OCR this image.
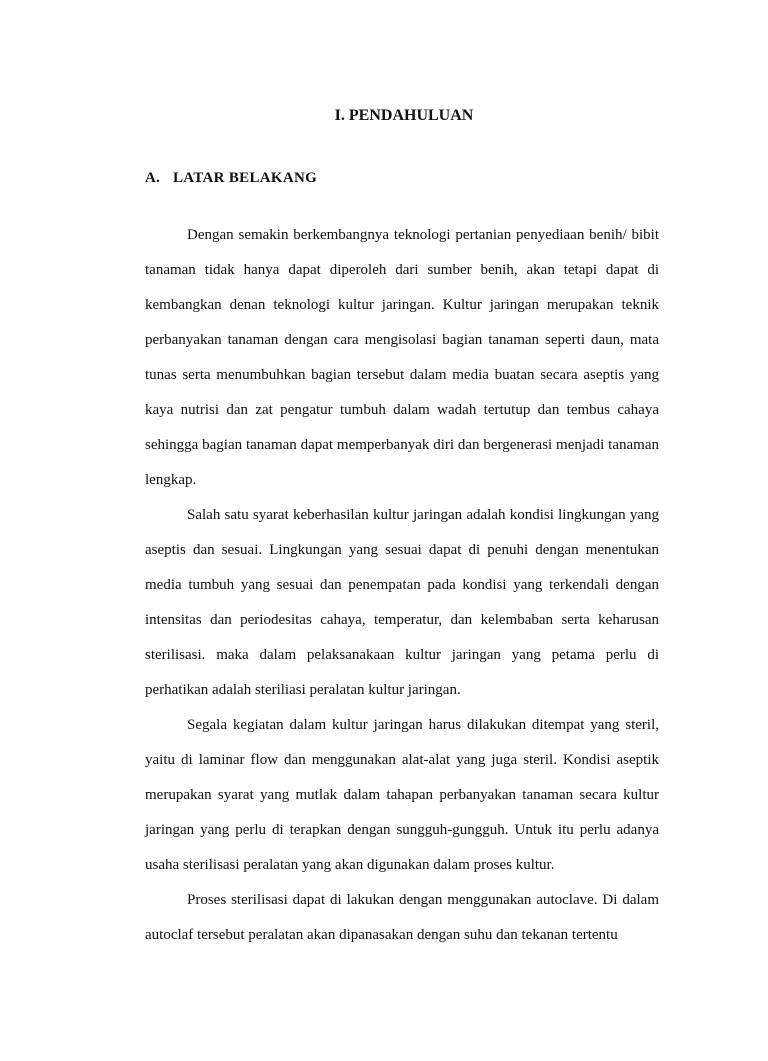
I. PENDAHULUAN
A. LATAR BELAKANG

Dengan semakin berkembangnya teknologi pertanian penyediaan benih/ bibit tanaman tidak hanya dapat diperoleh dari sumber benih, akan tetapi dapat di kembangkan denan teknologi kultur jaringan. Kultur jaringan merupakan teknik perbanyakan tanaman dengan cara mengisolasi bagian tanaman seperti daun, mata tunas serta menumbuhkan bagian tersebut dalam media buatan secara aseptis yang kaya nutrisi dan zat pengatur tumbuh dalam wadah tertutup dan tembus cahaya sehingga bagian tanaman dapat memperbanyak diri dan bergenerasi menjadi tanaman lengkap.

Salah satu syarat keberhasilan kultur jaringan adalah kondisi lingkungan yang aseptis dan sesuai. Lingkungan yang sesuai dapat di penuhi dengan menentukan media tumbuh yang sesuai dan penempatan pada kondisi yang terkendali dengan intensitas dan periodesitas cahaya, temperatur, dan kelembaban serta keharusan sterilisasi. maka dalam pelaksanakaan kultur jaringan yang petama perlu di perhatikan adalah steriliasi peralatan kultur jaringan.

Segala kegiatan dalam kultur jaringan harus dilakukan ditempat yang steril, yaitu di laminar flow dan menggunakan alat-alat yang juga steril. Kondisi aseptik merupakan syarat yang mutlak dalam tahapan perbanyakan tanaman secara kultur jaringan yang perlu di terapkan dengan sungguh-gungguh. Untuk itu perlu adanya usaha sterilisasi peralatan yang akan digunakan dalam proses kultur.

Proses sterilisasi dapat di lakukan dengan menggunakan autoclave. Di dalam autoclaf tersebut peralatan akan dipanasakan dengan suhu dan tekanan tertentu
